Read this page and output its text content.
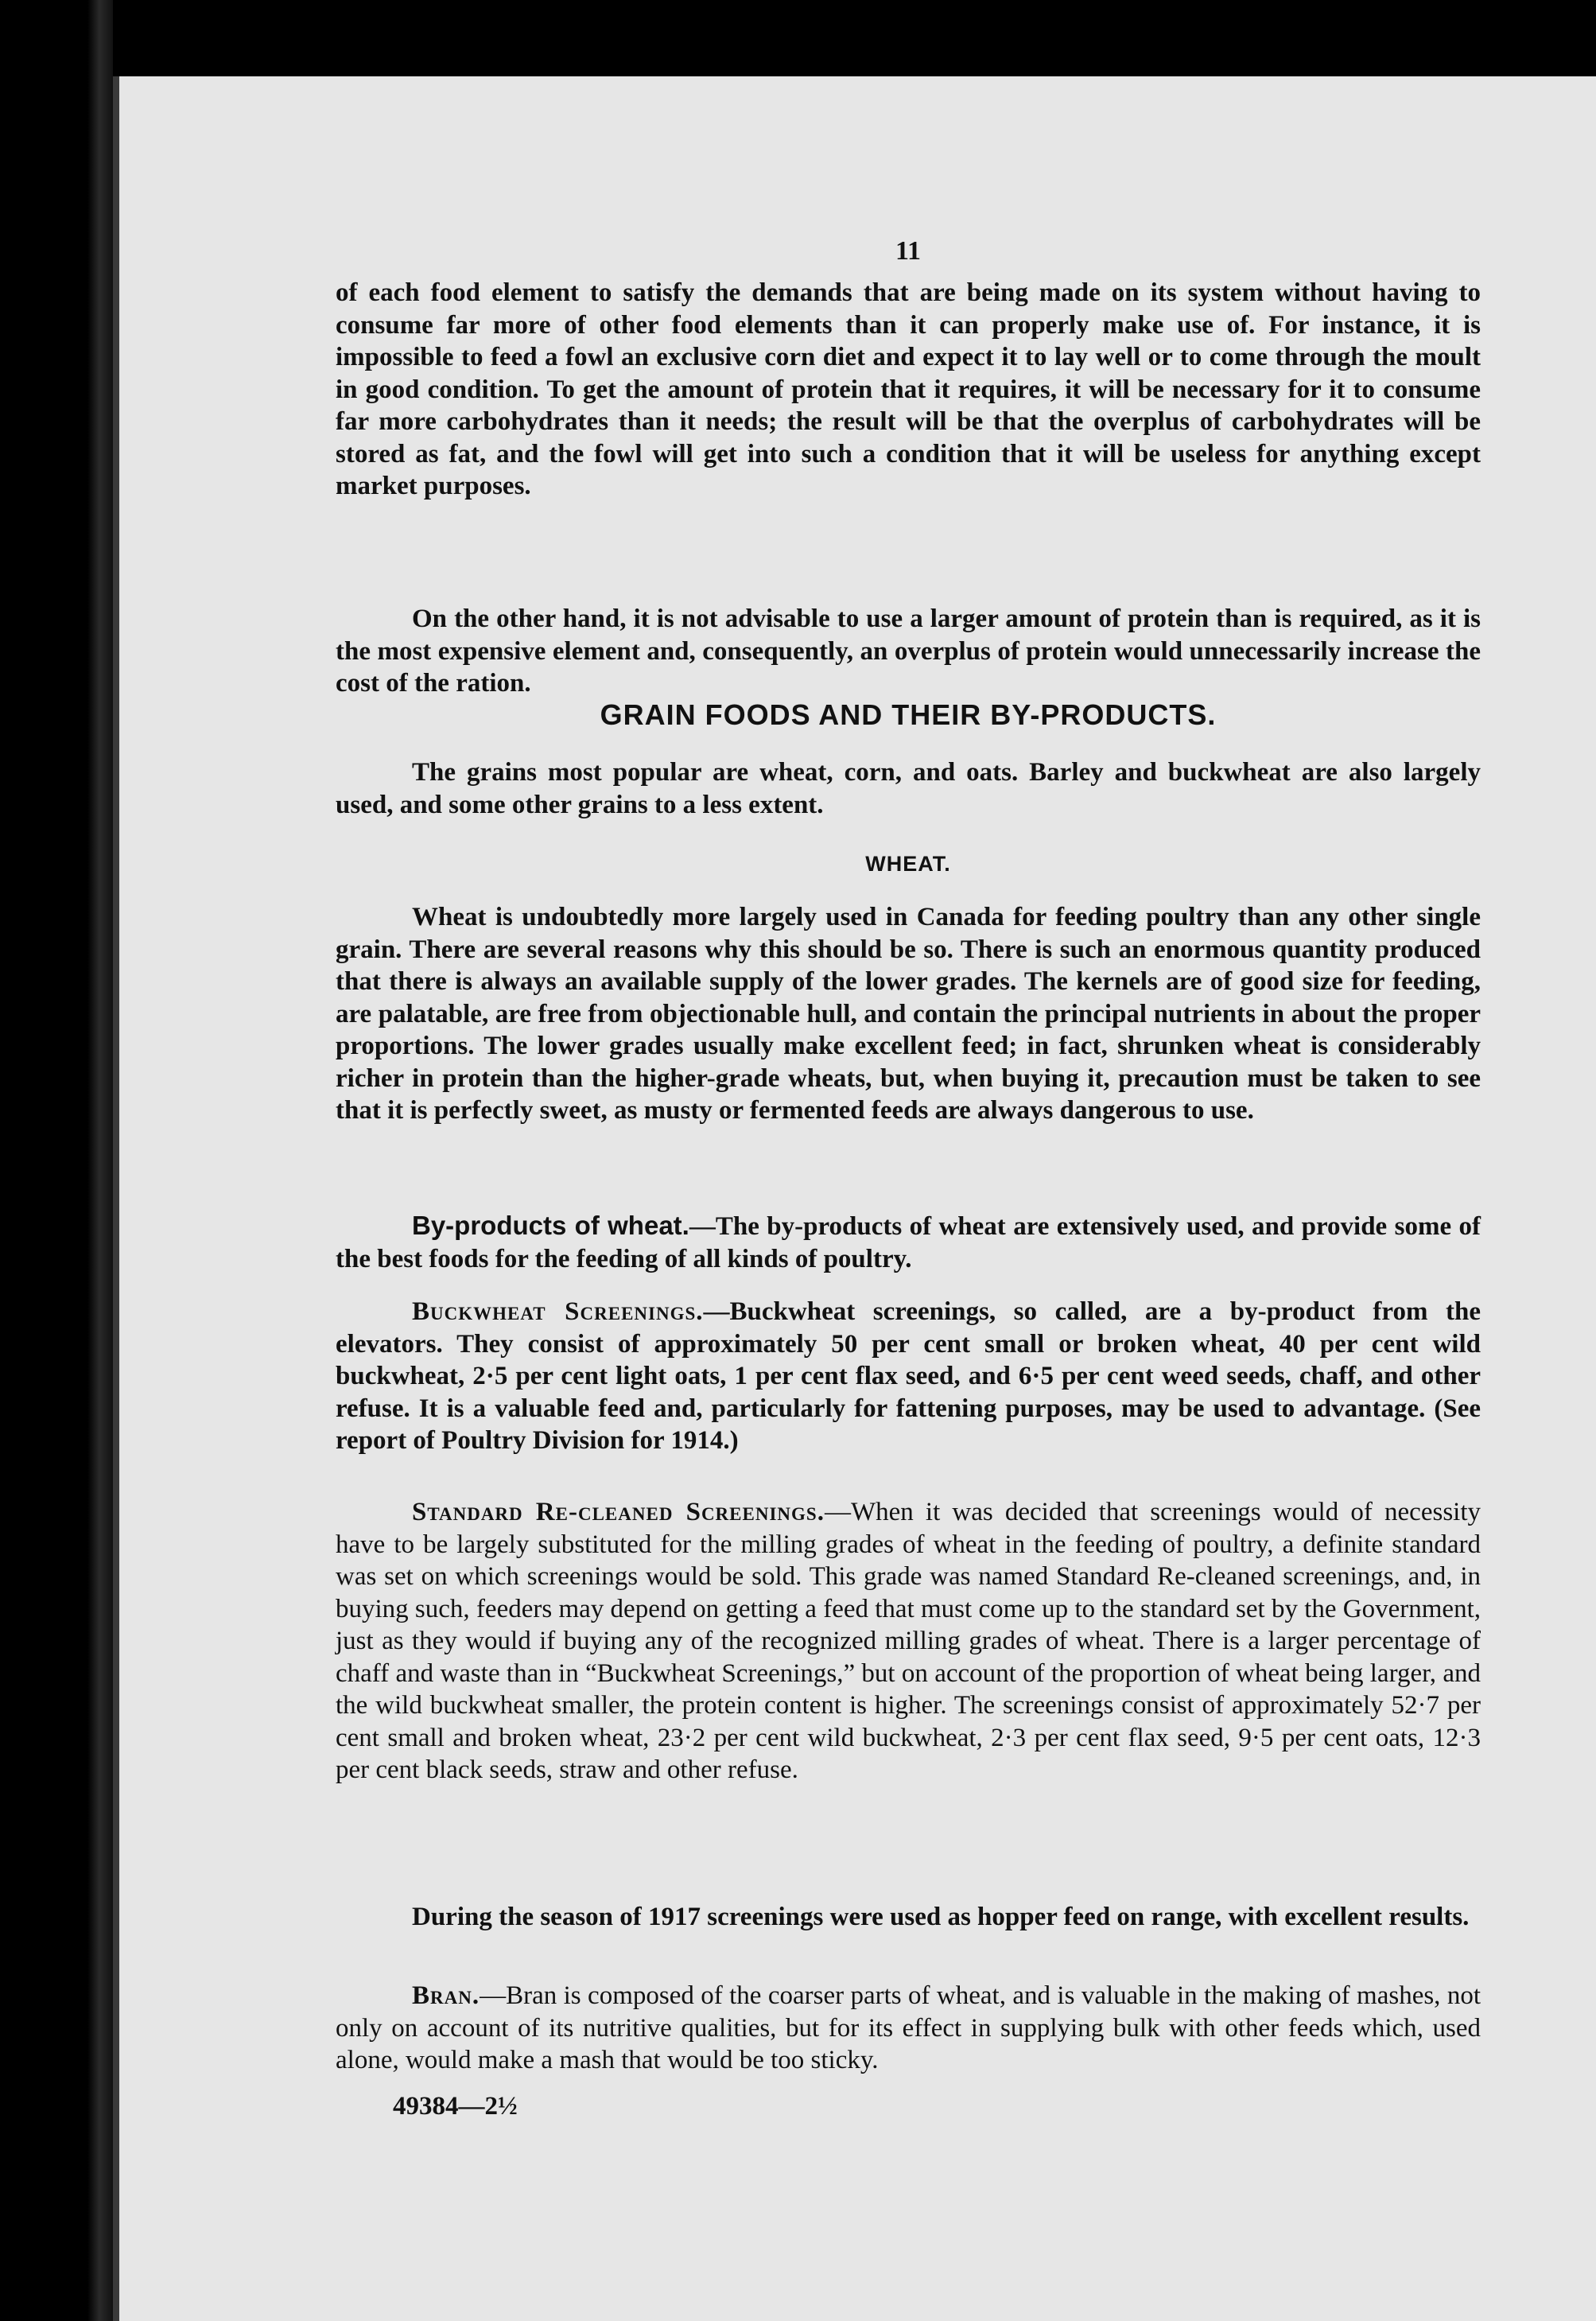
11

of each food element to satisfy the demands that are being made on its system without having to consume far more of other food elements than it can properly make use of. For instance, it is impossible to feed a fowl an exclusive corn diet and expect it to lay well or to come through the moult in good condition. To get the amount of protein that it requires, it will be necessary for it to consume far more carbohydrates than it needs; the result will be that the overplus of carbohydrates will be stored as fat, and the fowl will get into such a condition that it will be useless for anything except market purposes.

On the other hand, it is not advisable to use a larger amount of protein than is required, as it is the most expensive element and, consequently, an overplus of protein would unnecessarily increase the cost of the ration.

GRAIN FOODS AND THEIR BY-PRODUCTS.

The grains most popular are wheat, corn, and oats. Barley and buckwheat are also largely used, and some other grains to a less extent.

WHEAT.

Wheat is undoubtedly more largely used in Canada for feeding poultry than any other single grain. There are several reasons why this should be so. There is such an enormous quantity produced that there is always an available supply of the lower grades. The kernels are of good size for feeding, are palatable, are free from objectionable hull, and contain the principal nutrients in about the proper proportions. The lower grades usually make excellent feed; in fact, shrunken wheat is considerably richer in protein than the higher-grade wheats, but, when buying it, precaution must be taken to see that it is perfectly sweet, as musty or fermented feeds are always dangerous to use.

By-products of wheat.—The by-products of wheat are extensively used, and provide some of the best foods for the feeding of all kinds of poultry.

Buckwheat Screenings.—Buckwheat screenings, so called, are a by-product from the elevators. They consist of approximately 50 per cent small or broken wheat, 40 per cent wild buckwheat, 2·5 per cent light oats, 1 per cent flax seed, and 6·5 per cent weed seeds, chaff, and other refuse. It is a valuable feed and, particularly for fattening purposes, may be used to advantage. (See report of Poultry Division for 1914.)

Standard Re-cleaned Screenings.—When it was decided that screenings would of necessity have to be largely substituted for the milling grades of wheat in the feeding of poultry, a definite standard was set on which screenings would be sold. This grade was named Standard Re-cleaned screenings, and, in buying such, feeders may depend on getting a feed that must come up to the standard set by the Government, just as they would if buying any of the recognized milling grades of wheat. There is a larger percentage of chaff and waste than in “Buckwheat Screenings,” but on account of the proportion of wheat being larger, and the wild buckwheat smaller, the protein content is higher. The screenings consist of approximately 52·7 per cent small and broken wheat, 23·2 per cent wild buckwheat, 2·3 per cent flax seed, 9·5 per cent oats, 12·3 per cent black seeds, straw and other refuse.

During the season of 1917 screenings were used as hopper feed on range, with excellent results.

Bran.—Bran is composed of the coarser parts of wheat, and is valuable in the making of mashes, not only on account of its nutritive qualities, but for its effect in supplying bulk with other feeds which, used alone, would make a mash that would be too sticky.

49384—2½
